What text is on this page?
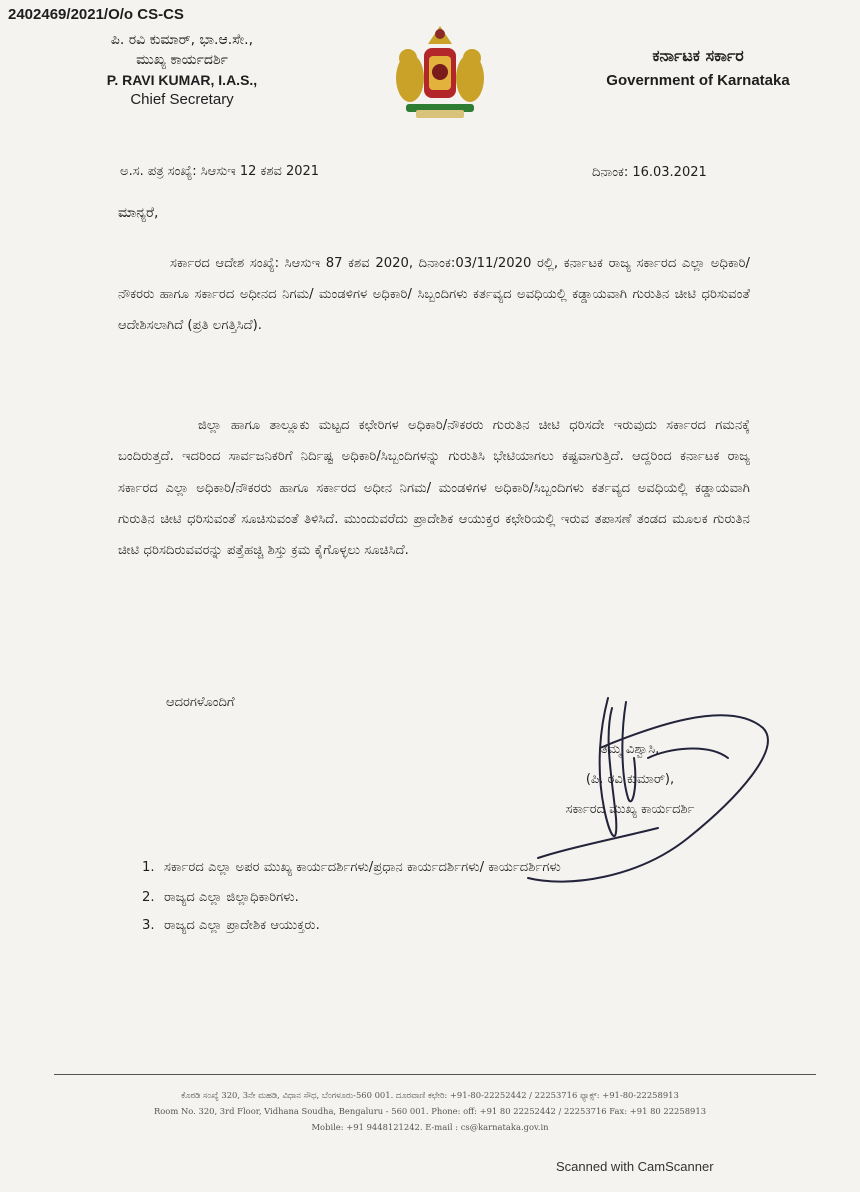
2402469/2021/O/o CS-CS
ಪಿ. ರವಿ ಕುಮಾರ್, ಭಾ.ಆ.ಸೇ.,
ಮುಖ್ಯ ಕಾರ್ಯದರ್ಶಿ
P. RAVI KUMAR, I.A.S.,
Chief Secretary
ಕರ್ನಾಟಕ ಸರ್ಕಾರ
Government of Karnataka
ಅ.ಸ. ಪತ್ರ ಸಂಖ್ಯೆ: ಸಿಆಸುಇ 12 ಕಶವ 2021	ದಿನಾಂಕ: 16.03.2021
ಮಾನ್ಯರೆ,
ಸರ್ಕಾರದ ಆದೇಶ ಸಂಖ್ಯೆ: ಸಿಆಸುಇ 87 ಕಶವ 2020, ದಿನಾಂಕ:03/11/2020 ರಲ್ಲಿ, ಕರ್ನಾಟಕ ರಾಜ್ಯ ಸರ್ಕಾರದ ಎಲ್ಲಾ ಅಧಿಕಾರಿ/ನೌಕರರು ಹಾಗೂ ಸರ್ಕಾರದ ಅಧೀನದ ನಿಗಮ/ ಮಂಡಳಿಗಳ ಅಧಿಕಾರಿ/ ಸಿಬ್ಬಂದಿಗಳು ಕರ್ತವ್ಯದ ಅವಧಿಯಲ್ಲಿ ಕಡ್ಡಾಯವಾಗಿ ಗುರುತಿನ ಚೀಟಿ ಧರಿಸುವಂತೆ ಆದೇಶಿಸಲಾಗಿದೆ (ಪ್ರತಿ ಲಗತ್ತಿಸಿದೆ).
ಜಿಲ್ಲಾ ಹಾಗೂ ತಾಲ್ಲೂಕು ಮಟ್ಟದ ಕಛೇರಿಗಳ ಅಧಿಕಾರಿ/ನೌಕರರು ಗುರುತಿನ ಚೀಟಿ ಧರಿಸದೇ ಇರುವುದು ಸರ್ಕಾರದ ಗಮನಕ್ಕೆ ಬಂದಿರುತ್ತದೆ. ಇದರಿಂದ ಸಾರ್ವಜನಿಕರಿಗೆ ನಿರ್ದಿಷ್ಟ ಅಧಿಕಾರಿ/ಸಿಬ್ಬಂದಿಗಳನ್ನು ಗುರುತಿಸಿ ಭೇಟಿಯಾಗಲು ಕಷ್ಟವಾಗುತ್ತಿದೆ. ಆದ್ದರಿಂದ ಕರ್ನಾಟಕ ರಾಜ್ಯ ಸರ್ಕಾರದ ಎಲ್ಲಾ ಅಧಿಕಾರಿ/ನೌಕರರು ಹಾಗೂ ಸರ್ಕಾರದ ಅಧೀನ ನಿಗಮ/ ಮಂಡಳಿಗಳ ಅಧಿಕಾರಿ/ಸಿಬ್ಬಂದಿಗಳು ಕರ್ತವ್ಯದ ಅವಧಿಯಲ್ಲಿ ಕಡ್ಡಾಯವಾಗಿ ಗುರುತಿನ ಚೀಟಿ ಧರಿಸುವಂತೆ ಸೂಚಿಸುವಂತೆ ತಿಳಿಸಿದೆ. ಮುಂದುವರೆದು ಪ್ರಾದೇಶಿಕ ಆಯುಕ್ತರ ಕಛೇರಿಯಲ್ಲಿ ಇರುವ ತಪಾಸಣೆ ತಂಡದ ಮೂಲಕ ಗುರುತಿನ ಚೀಟಿ ಧರಿಸದಿರುವವರನ್ನು ಪತ್ತೆಹಚ್ಚಿ ಶಿಸ್ತು ಕ್ರಮ ಕೈಗೊಳ್ಳಲು ಸೂಚಿಸಿದೆ.
ಆದರಗಳೊಂದಿಗೆ
ತಮ್ಮ ವಿಶ್ವಾಸಿ,
(ಪಿ. ರವಿ ಕುಮಾರ್),
ಸರ್ಕಾರದ ಮುಖ್ಯ ಕಾರ್ಯದರ್ಶಿ
1. ಸರ್ಕಾರದ ಎಲ್ಲಾ ಅಪರ ಮುಖ್ಯ ಕಾರ್ಯದರ್ಶಿಗಳು/ಪ್ರಧಾನ ಕಾರ್ಯದರ್ಶಿಗಳು/ ಕಾರ್ಯದರ್ಶಿಗಳು
2. ರಾಜ್ಯದ ಎಲ್ಲಾ ಜಿಲ್ಲಾಧಿಕಾರಿಗಳು.
3. ರಾಜ್ಯದ ಎಲ್ಲಾ ಪ್ರಾದೇಶಿಕ ಆಯುಕ್ತರು.
ಕೊಠಡಿ ಸಂಖ್ಯೆ 320, 3ನೇ ಮಹಡಿ, ವಿಧಾನ ಸೌಧ, ಬೆಂಗಳೂರು-560 001. ದೂರವಾಣಿ ಕಛೇರಿ: +91-80-22252442 / 22253716 ಫ್ಯಾಕ್ಸ್: +91-80-22258913
Room No. 320, 3rd Floor, Vidhana Soudha, Bengaluru - 560 001. Phone: off: +91 80 22252442 / 22253716 Fax: +91 80 22258913
Mobile: +91 9448121242. E-mail : cs@karnataka.gov.in
Scanned with CamScanner
